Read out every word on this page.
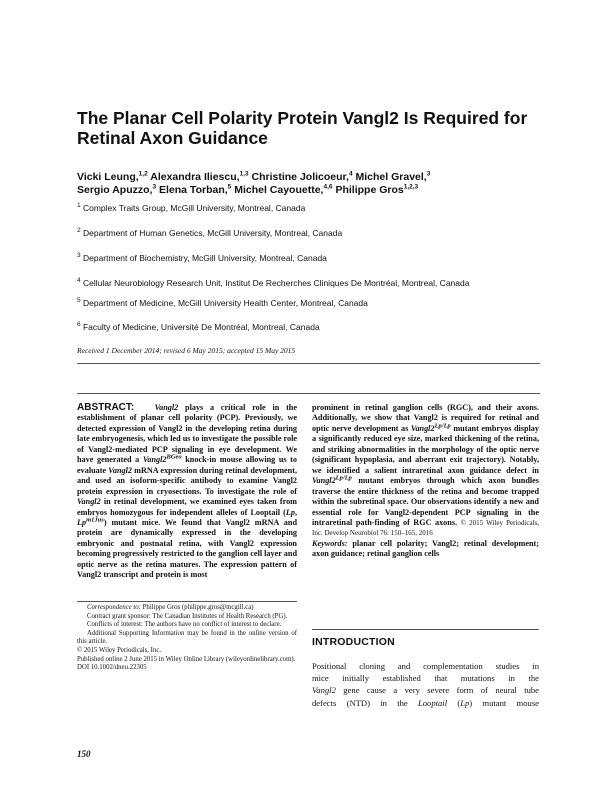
The Planar Cell Polarity Protein Vangl2 Is Required for Retinal Axon Guidance
Vicki Leung,$^{1,2}$ Alexandra Iliescu,$^{1,3}$ Christine Jolicoeur,$^4$ Michel Gravel,$^3$
Sergio Apuzzo,$^3$ Elena Torban,$^5$ Michel Cayouette,$^{4,6}$ Philippe Gros$^{1,2,3}$
$^1$ Complex Traits Group, McGill University, Montreal, Canada
$^2$ Department of Human Genetics, McGill University, Montreal, Canada
$^3$ Department of Biochemistry, McGill University, Montreal, Canada
$^4$ Cellular Neurobiology Research Unit, Institut De Recherches Cliniques De Montréal, Montreal, Canada
$^5$ Department of Medicine, McGill University Health Center, Montreal, Canada
$^6$ Faculty of Medicine, Université De Montréal, Montreal, Canada
Received 1 December 2014; revised 6 May 2015; accepted 15 May 2015
ABSTRACT: Vangl2 plays a critical role in the establishment of planar cell polarity (PCP). Previously, we detected expression of Vangl2 in the developing retina during late embryogenesis, which led us to investigate the possible role of Vangl2-mediated PCP signaling in eye development. We have generated a $Vangl2^{BGeo}$ knock-in mouse allowing us to evaluate Vangl2 mRNA expression during retinal development, and used an isoform-specific antibody to examine Vangl2 protein expression in cryosections. To investigate the role of Vangl2 in retinal development, we examined eyes taken from embryos homozygous for independent alleles of Looptail (Lp, $Lp^{m1Jus}$) mutant mice. We found that Vangl2 mRNA and protein are dynamically expressed in the developing embryonic and postnatal retina, with Vangl2 expression becoming progressively restricted to the ganglion cell layer and optic nerve as the retina matures. The expression pattern of Vangl2 transcript and protein is most
prominent in retinal ganglion cells (RGC), and their axons. Additionally, we show that Vangl2 is required for retinal and optic nerve development as $Vangl2^{Lp/Lp}$ mutant embryos display a significantly reduced eye size, marked thickening of the retina, and striking abnormalities in the morphology of the optic nerve (significant hypoplasia, and aberrant exit trajectory). Notably, we identified a salient intraretinal axon guidance defect in $Vangl2^{Lp/Lp}$ mutant embryos through which axon bundles traverse the entire thickness of the retina and become trapped within the subretinal space. Our observations identify a new and essential role for Vangl2-dependent PCP signaling in the intraretinal path-finding of RGC axons. © 2015 Wiley Periodicals, Inc. Develop Neurobiol 76: 150–165, 2016
Keywords: planar cell polarity; Vangl2; retinal development; axon guidance; retinal ganglion cells

Correspondence to: Philippe Gros (philippe.gros@mcgill.ca)

Contract grant sponsor: The Canadian Institutes of Health Research (PG).

Conflicts of interest: The authors have no conflict of interest to declare.

Additional Supporting Information may be found in the online version of this article.

© 2015 Wiley Periodicals, Inc.

Published online 2 June 2015 in Wiley Online Library (wileyonlinelibrary.com).

DOI 10.1002/dneu.22305

150
INTRODUCTION
Positional cloning and complementation studies in
mice initially established that mutations in the
Vangl2 gene cause a very severe form of neural tube
defects (NTD) in the Looptail (Lp) mutant mouse
